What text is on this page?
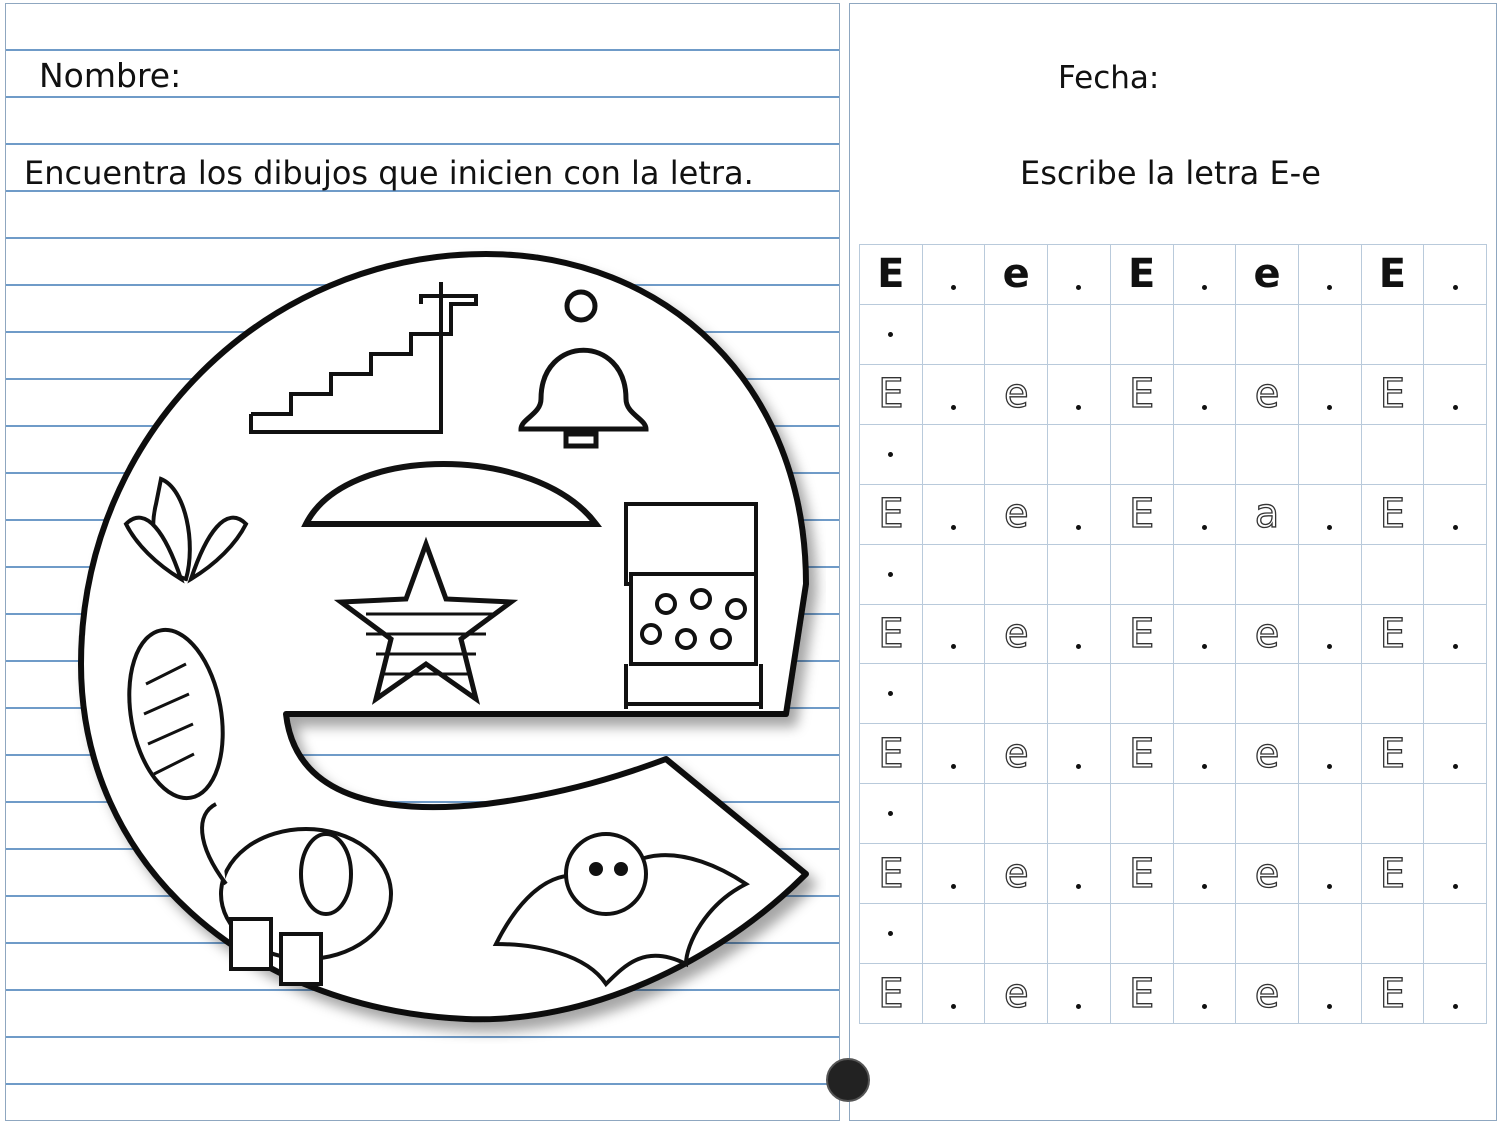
Nombre:
Encuentra los dibujos que inicien con la letra.
Fecha:
Escribe la letra E-e
E e E e E
E	e	E	e	E
E	e	E	a	E
E	e	E	e	E
E	e	E	e	E
E	e	E	e	E
E	e	E	e	E
